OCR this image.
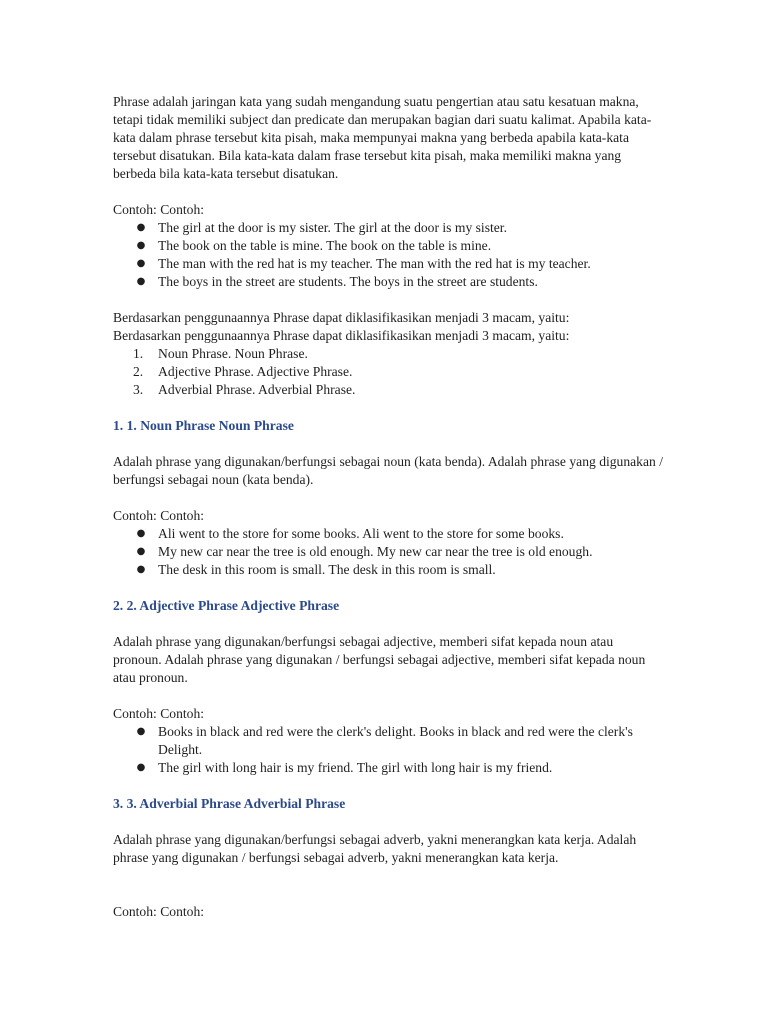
Phrase adalah jaringan kata yang sudah mengandung suatu pengertian atau satu kesatuan makna, tetapi tidak memiliki subject dan predicate dan merupakan bagian dari suatu kalimat. Apabila kata-kata dalam phrase tersebut kita pisah, maka mempunyai makna yang berbeda apabila kata-kata tersebut disatukan. Bila kata-kata dalam frase tersebut kita pisah, maka memiliki makna yang berbeda bila kata-kata tersebut disatukan.

Contoh: Contoh:

● The girl at the door is my sister. The girl at the door is my sister.
● The book on the table is mine. The book on the table is mine.
● The man with the red hat is my teacher. The man with the red hat is my teacher.
● The boys in the street are students. The boys in the street are students.

Berdasarkan penggunaannya Phrase dapat diklasifikasikan menjadi 3 macam, yaitu:

Berdasarkan penggunaannya Phrase dapat diklasifikasikan menjadi 3 macam, yaitu:

1. Noun Phrase. Noun Phrase.
2. Adjective Phrase. Adjective Phrase.
3. Adverbial Phrase. Adverbial Phrase.
1. 1. Noun Phrase Noun Phrase

Adalah phrase yang digunakan/berfungsi sebagai noun (kata benda). Adalah phrase yang digunakan / berfungsi sebagai noun (kata benda).

Contoh: Contoh:

● Ali went to the store for some books. Ali went to the store for some books.
● My new car near the tree is old enough. My new car near the tree is old enough.
● The desk in this room is small. The desk in this room is small.
2. 2. Adjective Phrase Adjective Phrase

Adalah phrase yang digunakan/berfungsi sebagai adjective, memberi sifat kepada noun atau pronoun. Adalah phrase yang digunakan / berfungsi sebagai adjective, memberi sifat kepada noun atau pronoun.

Contoh: Contoh:

● Books in black and red were the clerk's delight. Books in black and red were the clerk's Delight.
● The girl with long hair is my friend. The girl with long hair is my friend.
3. 3. Adverbial Phrase Adverbial Phrase

Adalah phrase yang digunakan/berfungsi sebagai adverb, yakni menerangkan kata kerja. Adalah phrase yang digunakan / berfungsi sebagai adverb, yakni menerangkan kata kerja.

Contoh: Contoh:
